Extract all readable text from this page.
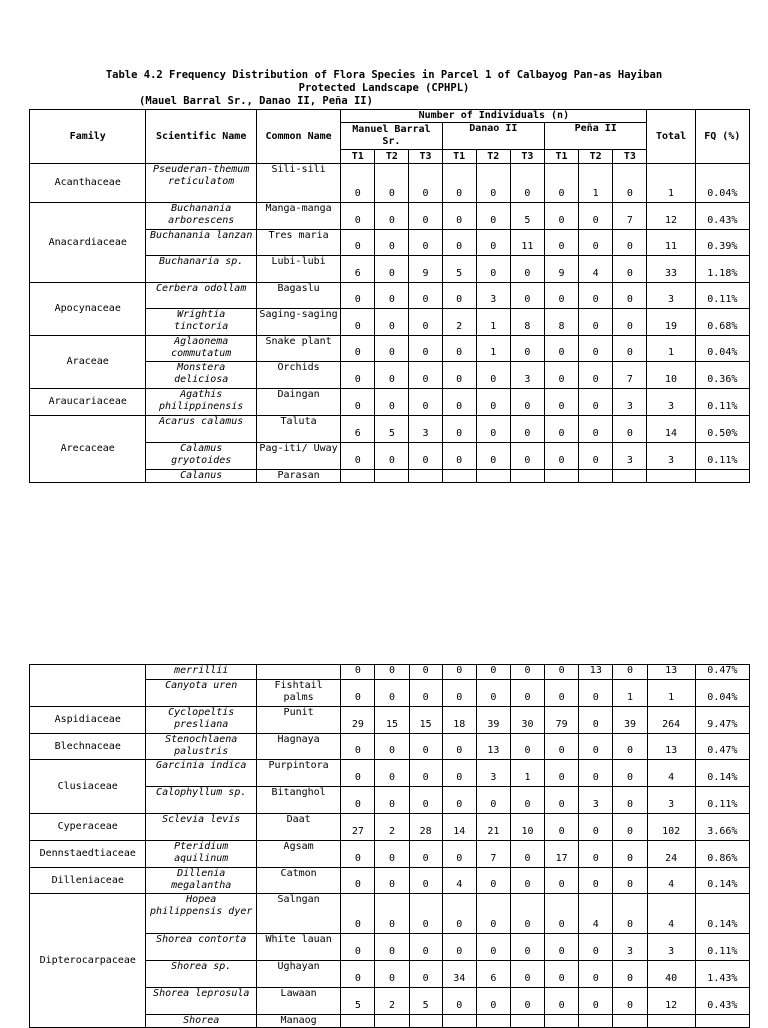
Table 4.2 Frequency Distribution of Flora Species in Parcel 1 of Calbayog Pan-as Hayiban
Protected Landscape (CPHPL)
(Mauel Barral Sr., Danao II, Peña II)
Family	Scientific Name	Common Name	Number of Individuals (n)									Total	FQ (%)
			Manuel Barral Sr.			Danao II			Peña II				
			T1	T2	T3	T1	T2	T3	T1	T2	T3		
Acanthaceae	Pseuderan-themum reticulatom	Sili-sili	0	0	0	0	0	0	0	1	0	1	0.04%
Anacardiaceae	Buchanania arborescens	Manga-manga	0	0	0	0	0	5	0	0	7	12	0.43%
	Buchanania lanzan	Tres maria	0	0	0	0	0	11	0	0	0	11	0.39%
	Buchanaria sp.	Lubi-lubi	6	0	9	5	0	0	9	4	0	33	1.18%
Apocynaceae	Cerbera odollam	Bagaslu	0	0	0	0	3	0	0	0	0	3	0.11%
	Wrightia tinctoria	Saging-saging	0	0	0	2	1	8	8	0	0	19	0.68%
Araceae	Aglaonema commutatum	Snake plant	0	0	0	0	1	0	0	0	0	1	0.04%
	Monstera deliciosa	Orchids	0	0	0	0	0	3	0	0	7	10	0.36%
Araucariaceae	Agathis philippinensis	Daingan	0	0	0	0	0	0	0	0	3	3	0.11%
Arecaceae	Acarus calamus	Taluta	6	5	3	0	0	0	0	0	0	14	0.50%
	Calamus gryotoides	Pag-iti/ Uway	0	0	0	0	0	0	0	0	3	3	0.11%
	Calanus	Parasan											
	merrillii		0	0	0	0	0	0	0	13	0	13	0.47%
	Canyota uren	Fishtail palms	0	0	0	0	0	0	0	0	1	1	0.04%
Aspidiaceae	Cyclopeltis presliana	Punit	29	15	15	18	39	30	79	0	39	264	9.47%
Blechnaceae	Stenochlaena palustris	Hagnaya	0	0	0	0	13	0	0	0	0	13	0.47%
Clusiaceae	Garcinia indica	Purpintora	0	0	0	0	3	1	0	0	0	4	0.14%
	Calophyllum sp.	Bitanghol	0	0	0	0	0	0	0	3	0	3	0.11%
Cyperaceae	Sclevia levis	Daat	27	2	28	14	21	10	0	0	0	102	3.66%
Dennstaedtiaceae	Pteridium aquilinum	Agsam	0	0	0	0	7	0	17	0	0	24	0.86%
Dilleniaceae	Dillenia megalantha	Catmon	0	0	0	4	0	0	0	0	0	4	0.14%
Dipterocarpaceae	Hopea philippensis dyer	Salngan	0	0	0	0	0	0	0	4	0	4	0.14%
	Shorea contorta	White lauan	0	0	0	0	0	0	0	0	3	3	0.11%
	Shorea sp.	Ughayan	0	0	0	34	6	0	0	0	0	40	1.43%
	Shorea leprosula	Lawaan	5	2	5	0	0	0	0	0	0	12	0.43%
	Shorea	Manaog											
